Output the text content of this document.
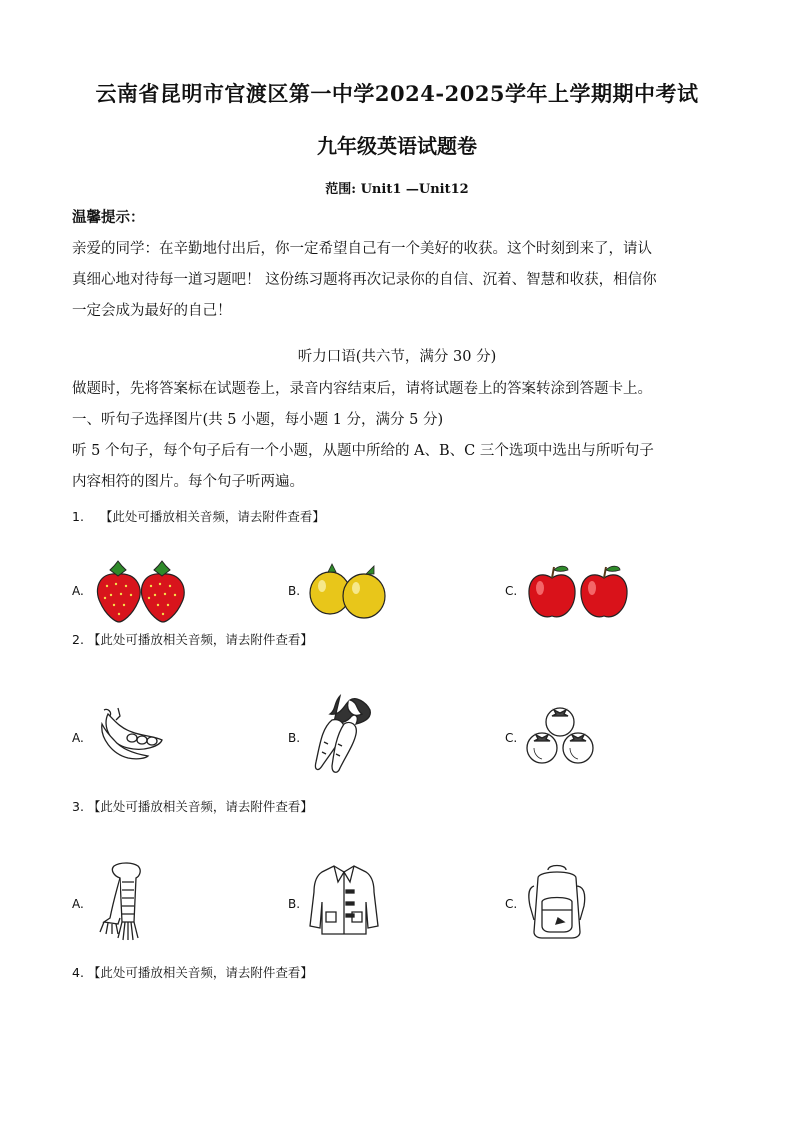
云南省昆明市官渡区第一中学2024-2025学年上学期期中考试
九年级英语试题卷
范围: Unit1 —Unit12
温馨提示：
亲爱的同学：在辛勤地付出后，你一定希望自己有一个美好的收获。这个时刻到来了，请认
真细心地对待每一道习题吧！ 这份练习题将再次记录你的自信、沉着、智慧和收获，相信你
一定会成为最好的自己！
听力口语(共六节，满分 30 分)
做题时，先将答案标在试题卷上，录音内容结束后，请将试题卷上的答案转涂到答题卡上。
一、听句子选择图片(共 5 小题，每小题 1 分，满分 5 分)
听 5 个句子，每个句子后有一个小题，从题中所给的 A、B、C 三个选项中选出与所听句子
内容相符的图片。每个句子听两遍。
1. 【此处可播放相关音频，请去附件查看】
A.	B.	C.
2. 【此处可播放相关音频，请去附件查看】
A.	B.	C.
3. 【此处可播放相关音频，请去附件查看】
A.	B.	C.
4. 【此处可播放相关音频，请去附件查看】
